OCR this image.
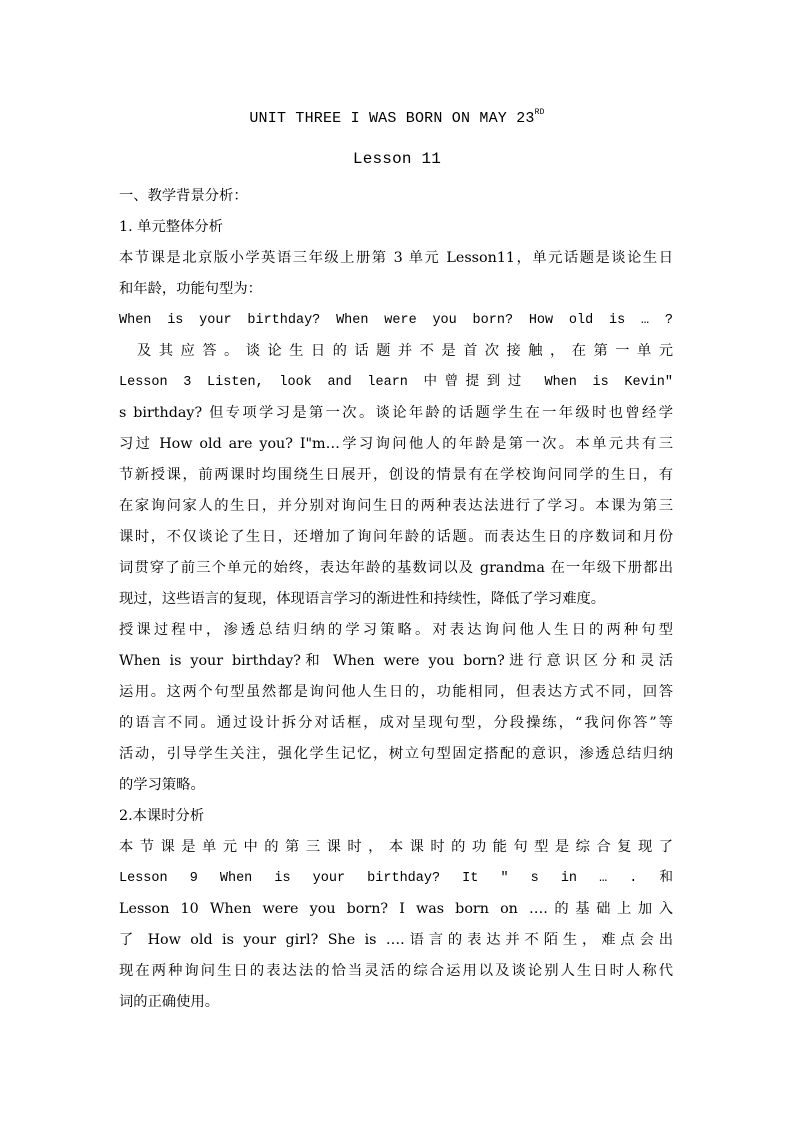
UNIT THREE I WAS BORN ON MAY 23RD
Lesson 11

一、教学背景分析：

1. 单元整体分析

本节课是北京版小学英语三年级上册第 3 单元 Lesson11，单元话题是谈论生日

和年龄，功能句型为：

When is your birthday? When were you born? How old is … ?

及其应答。谈论生日的话题并不是首次接触，在第一单元

Lesson 3 Listen, look and learn 中曾提到过 When is Kevin"

s birthday? 但专项学习是第一次。谈论年龄的话题学生在一年级时也曾经学

习过 How old are you? I"m…学习询问他人的年龄是第一次。本单元共有三

节新授课，前两课时均围绕生日展开，创设的情景有在学校询问同学的生日，有

在家询问家人的生日，并分别对询问生日的两种表达法进行了学习。本课为第三

课时，不仅谈论了生日，还增加了询问年龄的话题。而表达生日的序数词和月份

词贯穿了前三个单元的始终，表达年龄的基数词以及 grandma 在一年级下册都出

现过，这些语言的复现，体现语言学习的渐进性和持续性，降低了学习难度。

授课过程中，渗透总结归纳的学习策略。对表达询问他人生日的两种句型

When is your birthday?和 When were you born?进行意识区分和灵活

运用。这两个句型虽然都是询问他人生日的，功能相同，但表达方式不同，回答

的语言不同。通过设计拆分对话框，成对呈现句型，分段操练，“我问你答”等

活动，引导学生关注，强化学生记忆，树立句型固定搭配的意识，渗透总结归纳

的学习策略。

2.本课时分析

本节课是单元中的第三课时，本课时的功能句型是综合复现了

Lesson 9 When is your birthday? It " s in … . 和

Lesson 10 When were you born? I was born on ….的基础上加入

了 How old is your girl? She is ….语言的表达并不陌生，难点会出

现在两种询问生日的表达法的恰当灵活的综合运用以及谈论别人生日时人称代

词的正确使用。
